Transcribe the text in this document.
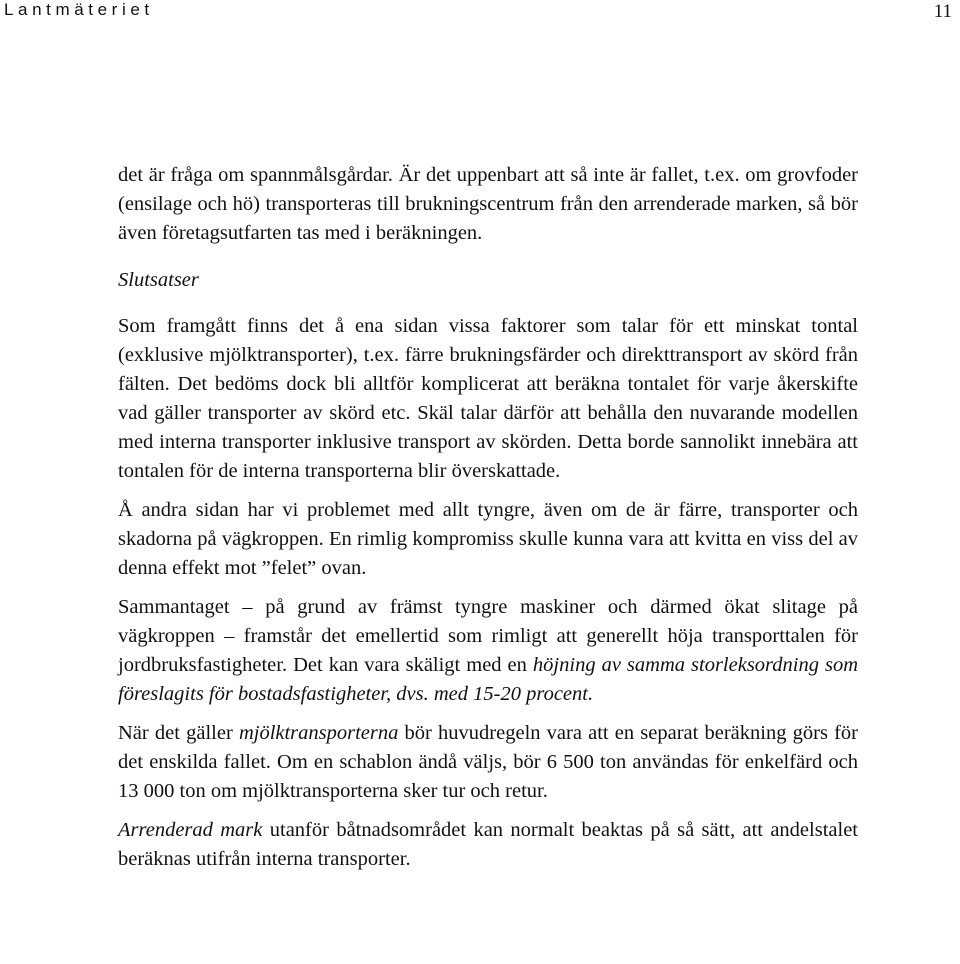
Lantmäteriet	11

det är fråga om spannmålsgårdar. Är det uppenbart att så inte är fallet, t.ex. om grovfoder (ensilage och hö) transporteras till brukningscentrum från den arrenderade marken, så bör även företagsutfarten tas med i beräkningen.

Slutsatser

Som framgått finns det å ena sidan vissa faktorer som talar för ett minskat tontal (exklusive mjölktransporter), t.ex. färre brukningsfärder och direkttransport av skörd från fälten. Det bedöms dock bli alltför komplicerat att beräkna tontalet för varje åkerskifte vad gäller transporter av skörd etc. Skäl talar därför att behålla den nuvarande modellen med interna transporter inklusive transport av skörden. Detta borde sannolikt innebära att tontalen för de interna transporterna blir överskattade.

Å andra sidan har vi problemet med allt tyngre, även om de är färre, transporter och skadorna på vägkroppen. En rimlig kompromiss skulle kunna vara att kvitta en viss del av denna effekt mot ”felet” ovan.

Sammantaget – på grund av främst tyngre maskiner och därmed ökat slitage på vägkroppen – framstår det emellertid som rimligt att generellt höja transporttalen för jordbruksfastigheter. Det kan vara skäligt med en höjning av samma storleksordning som föreslagits för bostadsfastigheter, dvs. med 15-20 procent.

När det gäller mjölktransporterna bör huvudregeln vara att en separat beräkning görs för det enskilda fallet. Om en schablon ändå väljs, bör 6 500 ton användas för enkelfärd och 13 000 ton om mjölktransporterna sker tur och retur.

Arrenderad mark utanför båtnadsområdet kan normalt beaktas på så sätt, att andelstalet beräknas utifrån interna transporter.
